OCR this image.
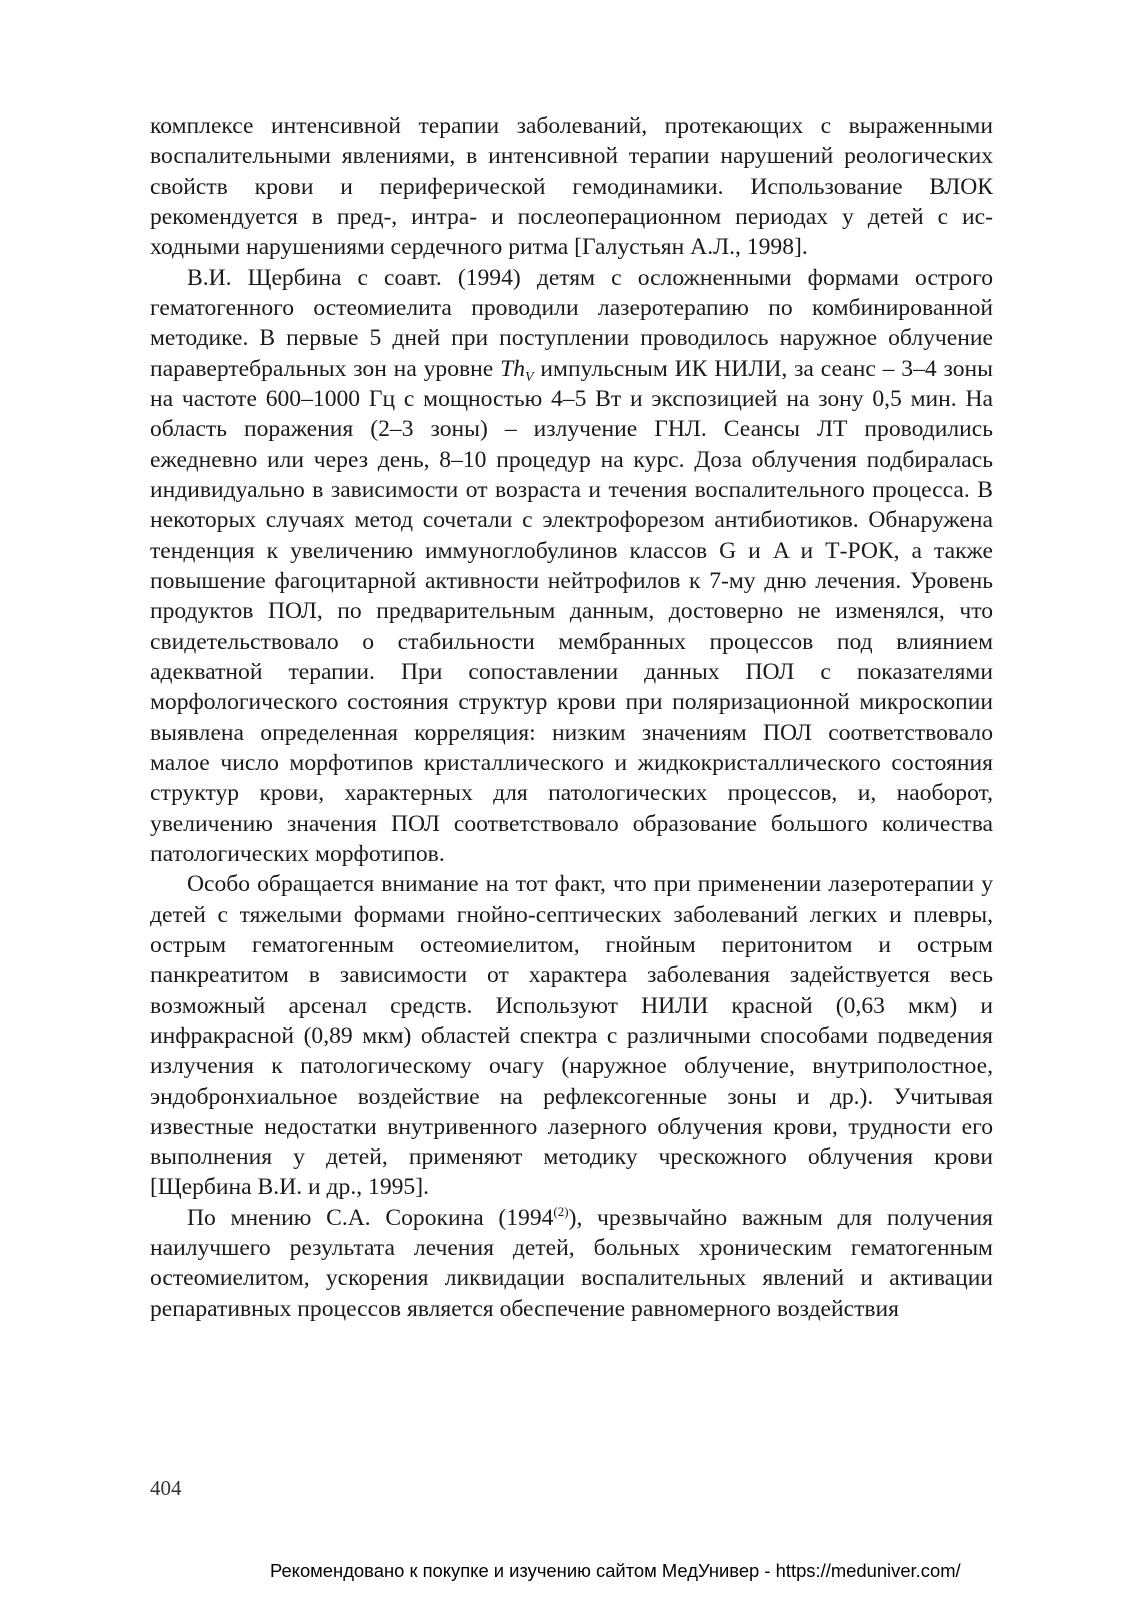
комплексе интенсивной терапии заболеваний, протекающих с выраженными воспалительными явлениями, в интенсивной терапии нарушений реологических свойств крови и периферической гемодинамики. Использование ВЛОК рекомендуется в пред-, интра- и послеоперационном периодах у детей с исходными нарушениями сердечного ритма [Галустьян А.Л., 1998].

В.И. Щербина с соавт. (1994) детям с осложненными формами острого гематогенного остеомиелита проводили лазеротерапию по комбинированной методике. В первые 5 дней при поступлении проводилось наружное облучение паравертебральных зон на уровне $Th_V$ импульсным ИК НИЛИ, за сеанс – 3–4 зоны на частоте 600–1000 Гц с мощностью 4–5 Вт и экспозицией на зону 0,5 мин. На область поражения (2–3 зоны) – излучение ГНЛ. Сеансы ЛТ проводились ежедневно или через день, 8–10 процедур на курс. Доза облучения подбиралась индивидуально в зависимости от возраста и течения воспалительного процесса. В некоторых случаях метод сочетали с электрофорезом антибиотиков. Обнаружена тенденция к увеличению иммуноглобулинов классов G и A и Т-РОК, а также повышение фагоцитарной активности нейтрофилов к 7-му дню лечения. Уровень продуктов ПОЛ, по предварительным данным, достоверно не изменялся, что свидетельствовало о стабильности мембранных процессов под влиянием адекватной терапии. При сопоставлении данных ПОЛ с показателями морфологического состояния структур крови при поляризационной микроскопии выявлена определенная корреляция: низким значениям ПОЛ соответствовало малое число морфотипов кристаллического и жидкокристаллического состояния структур крови, характерных для патологических процессов, и, наоборот, увеличению значения ПОЛ соответствовало образование большого количества патологических морфотипов.

Особо обращается внимание на тот факт, что при применении лазеротерапии у детей с тяжелыми формами гнойно-септических заболеваний легких и плевры, острым гематогенным остеомиелитом, гнойным перитонитом и острым панкреатитом в зависимости от характера заболевания задействуется весь возможный арсенал средств. Используют НИЛИ красной (0,63 мкм) и инфракрасной (0,89 мкм) областей спектра с различными способами подведения излучения к патологическому очагу (наружное облучение, внутриполостное, эндобронхиальное воздействие на рефлексогенные зоны и др.). Учитывая известные недостатки внутривенного лазерного облучения крови, трудности его выполнения у детей, применяют методику чрескожного облучения крови [Щербина В.И. и др., 1995].

По мнению С.А. Сорокина (1994$^{(2)}$), чрезвычайно важным для получения наилучшего результата лечения детей, больных хроническим гематогенным остеомиелитом, ускорения ликвидации воспалительных явлений и активации репаративных процессов является обеспечение равномерного воздействия

404
Рекомендовано к покупке и изучению сайтом МедУнивер - https://meduniver.com/
